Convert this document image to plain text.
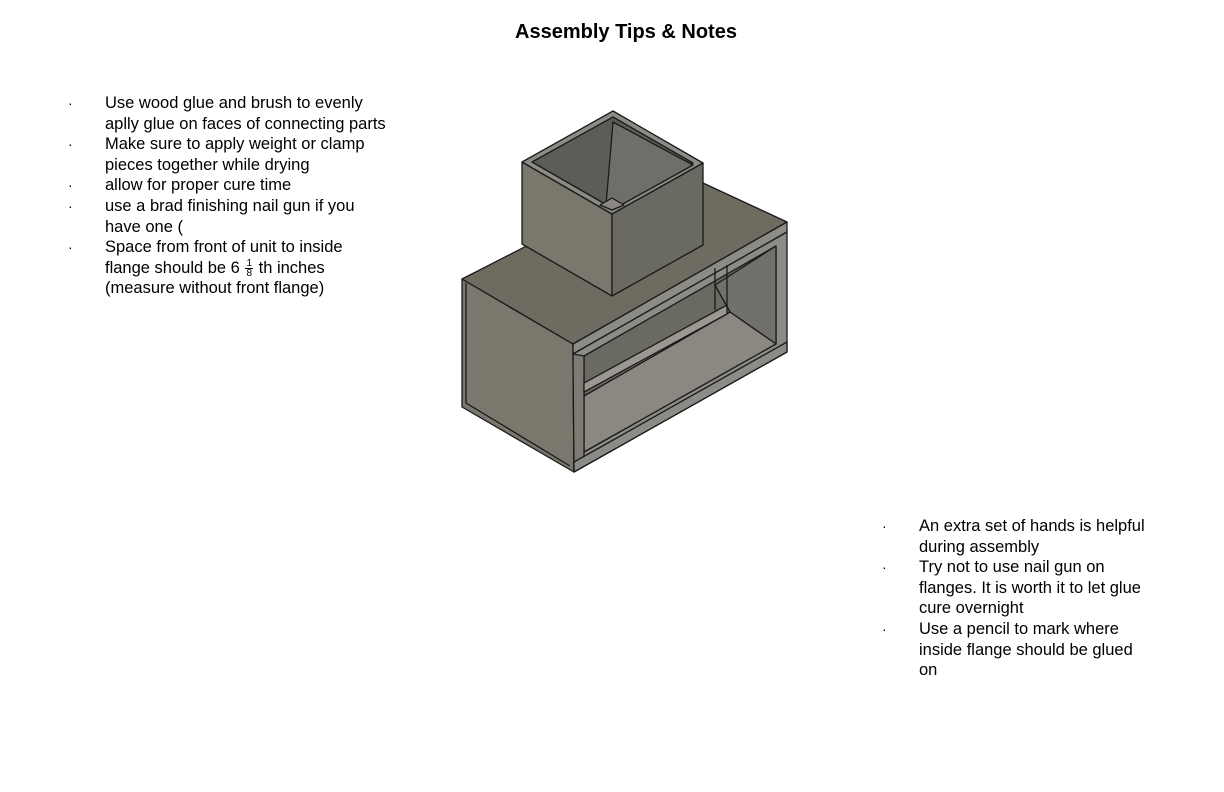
Assembly Tips & Notes
· Use wood glue and brush to evenly aplly glue on faces of connecting parts
· Make sure to apply weight or clamp pieces together while drying
· allow for proper cure time
· use a brad finishing nail gun if you have one (
· Space from front of unit to inside flange should be $6 \frac{1}{8}$ th inches (measure without front flange)
· An extra set of hands is helpful during assembly
· Try not to use nail gun on flanges. It is worth it to let glue cure overnight
· Use a pencil to mark where inside flange should be glued on
